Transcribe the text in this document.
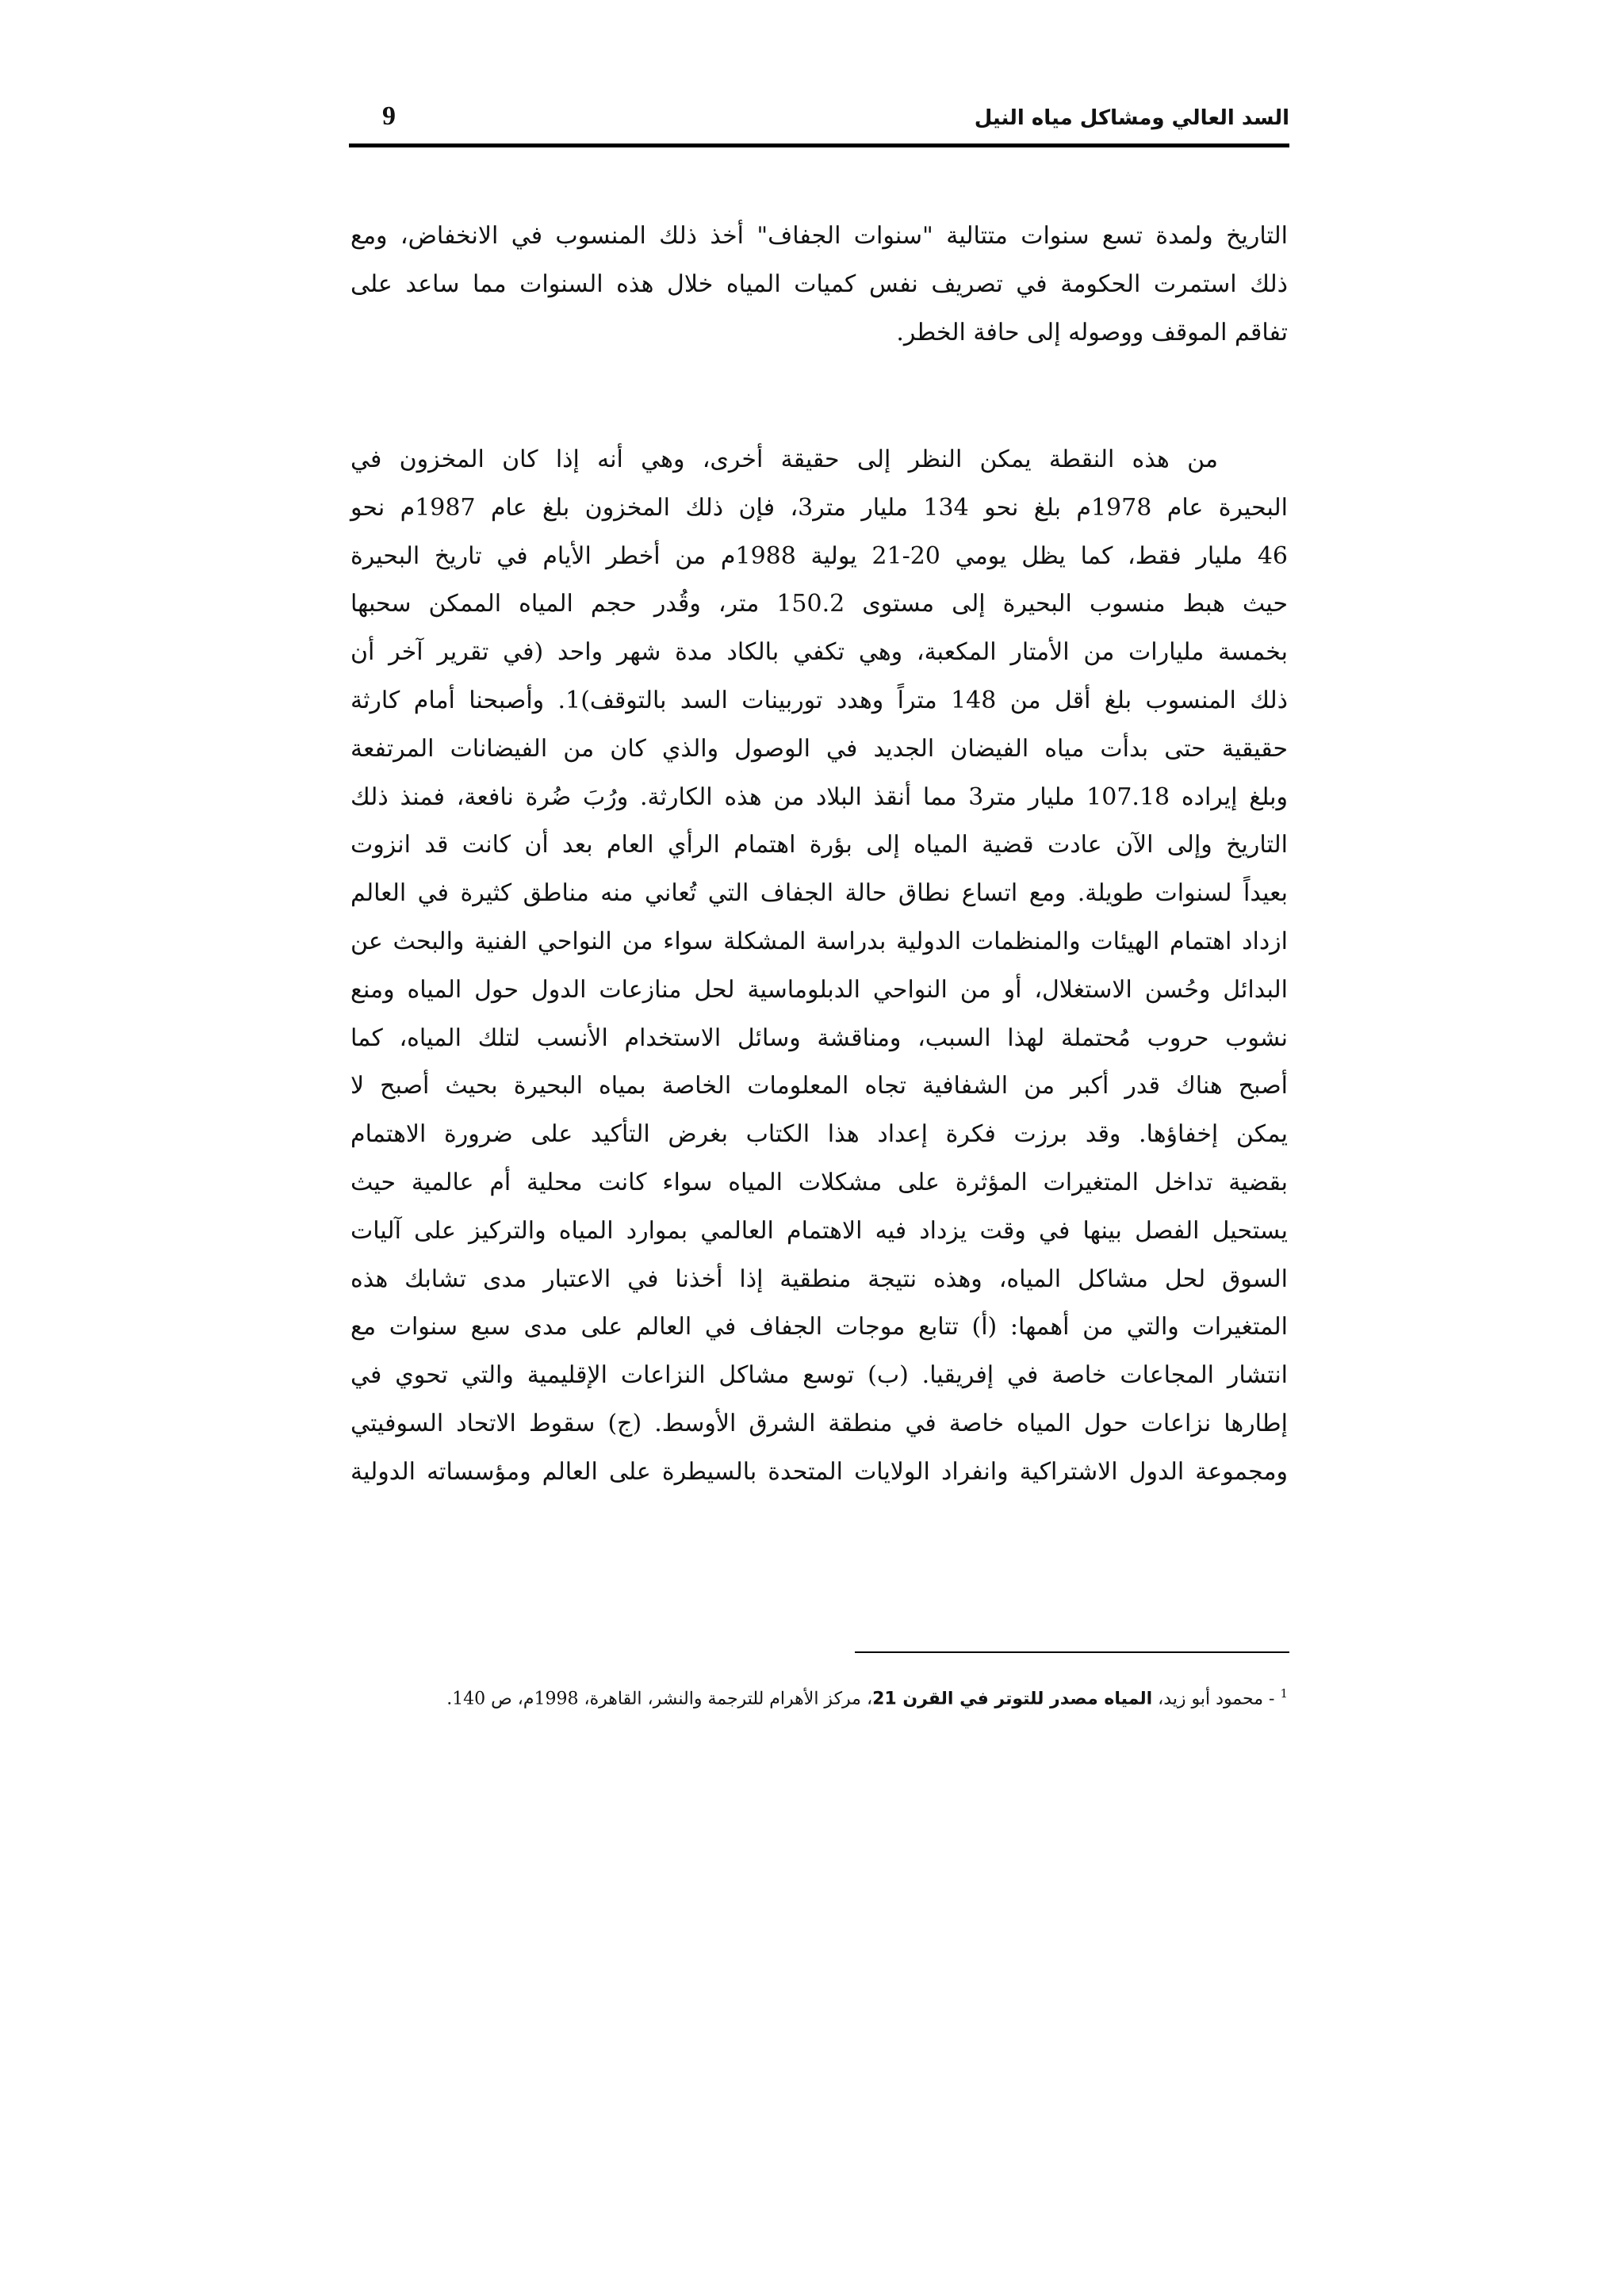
السد العالي ومشاكل مياه النيل
9
التاريخ ولمدة تسع سنوات متتالية "سنوات الجفاف" أخذ ذلك المنسوب في الانخفاض، ومع
ذلك استمرت الحكومة في تصريف نفس كميات المياه خلال هذه السنوات مما ساعد على
تفاقم الموقف ووصوله إلى حافة الخطر.
من هذه النقطة يمكن النظر إلى حقيقة أخرى، وهي أنه إذا كان المخزون في
البحيرة عام 1978م بلغ نحو 134 مليار متر3، فإن ذلك المخزون بلغ عام 1987م نحو
46 مليار فقط، كما يظل يومي 20-21 يولية 1988م من أخطر الأيام في تاريخ البحيرة
حيث هبط منسوب البحيرة إلى مستوى 150.2 متر، وقُدر حجم المياه الممكن سحبها
بخمسة مليارات من الأمتار المكعبة، وهي تكفي بالكاد مدة شهر واحد (في تقرير آخر أن
ذلك المنسوب بلغ أقل من 148 متراً وهدد توربينات السد بالتوقف)1. وأصبحنا أمام كارثة
حقيقية حتى بدأت مياه الفيضان الجديد في الوصول والذي كان من الفيضانات المرتفعة
وبلغ إيراده 107.18 مليار متر3 مما أنقذ البلاد من هذه الكارثة. ورُبَ ضُرة نافعة، فمنذ ذلك
التاريخ وإلى الآن عادت قضية المياه إلى بؤرة اهتمام الرأي العام بعد أن كانت قد انزوت
بعيداً لسنوات طويلة. ومع اتساع نطاق حالة الجفاف التي تُعاني منه مناطق كثيرة في العالم
ازداد اهتمام الهيئات والمنظمات الدولية بدراسة المشكلة سواء من النواحي الفنية والبحث عن
البدائل وحُسن الاستغلال، أو من النواحي الدبلوماسية لحل منازعات الدول حول المياه ومنع
نشوب حروب مُحتملة لهذا السبب، ومناقشة وسائل الاستخدام الأنسب لتلك المياه، كما
أصبح هناك قدر أكبر من الشفافية تجاه المعلومات الخاصة بمياه البحيرة بحيث أصبح لا
يمكن إخفاؤها. وقد برزت فكرة إعداد هذا الكتاب بغرض التأكيد على ضرورة الاهتمام
بقضية تداخل المتغيرات المؤثرة على مشكلات المياه سواء كانت محلية أم عالمية حيث
يستحيل الفصل بينها في وقت يزداد فيه الاهتمام العالمي بموارد المياه والتركيز على آليات
السوق لحل مشاكل المياه، وهذه نتيجة منطقية إذا أخذنا في الاعتبار مدى تشابك هذه
المتغيرات والتي من أهمها: (أ) تتابع موجات الجفاف في العالم على مدى سبع سنوات مع
انتشار المجاعات خاصة في إفريقيا. (ب) توسع مشاكل النزاعات الإقليمية والتي تحوي في
إطارها نزاعات حول المياه خاصة في منطقة الشرق الأوسط. (ج) سقوط الاتحاد السوفيتي
ومجموعة الدول الاشتراكية وانفراد الولايات المتحدة بالسيطرة على العالم ومؤسساته الدولية
$^1$ - محمود أبو زيد، المياه مصدر للتوتر في القرن 21، مركز الأهرام للترجمة والنشر، القاهرة، 1998م، ص 140.
